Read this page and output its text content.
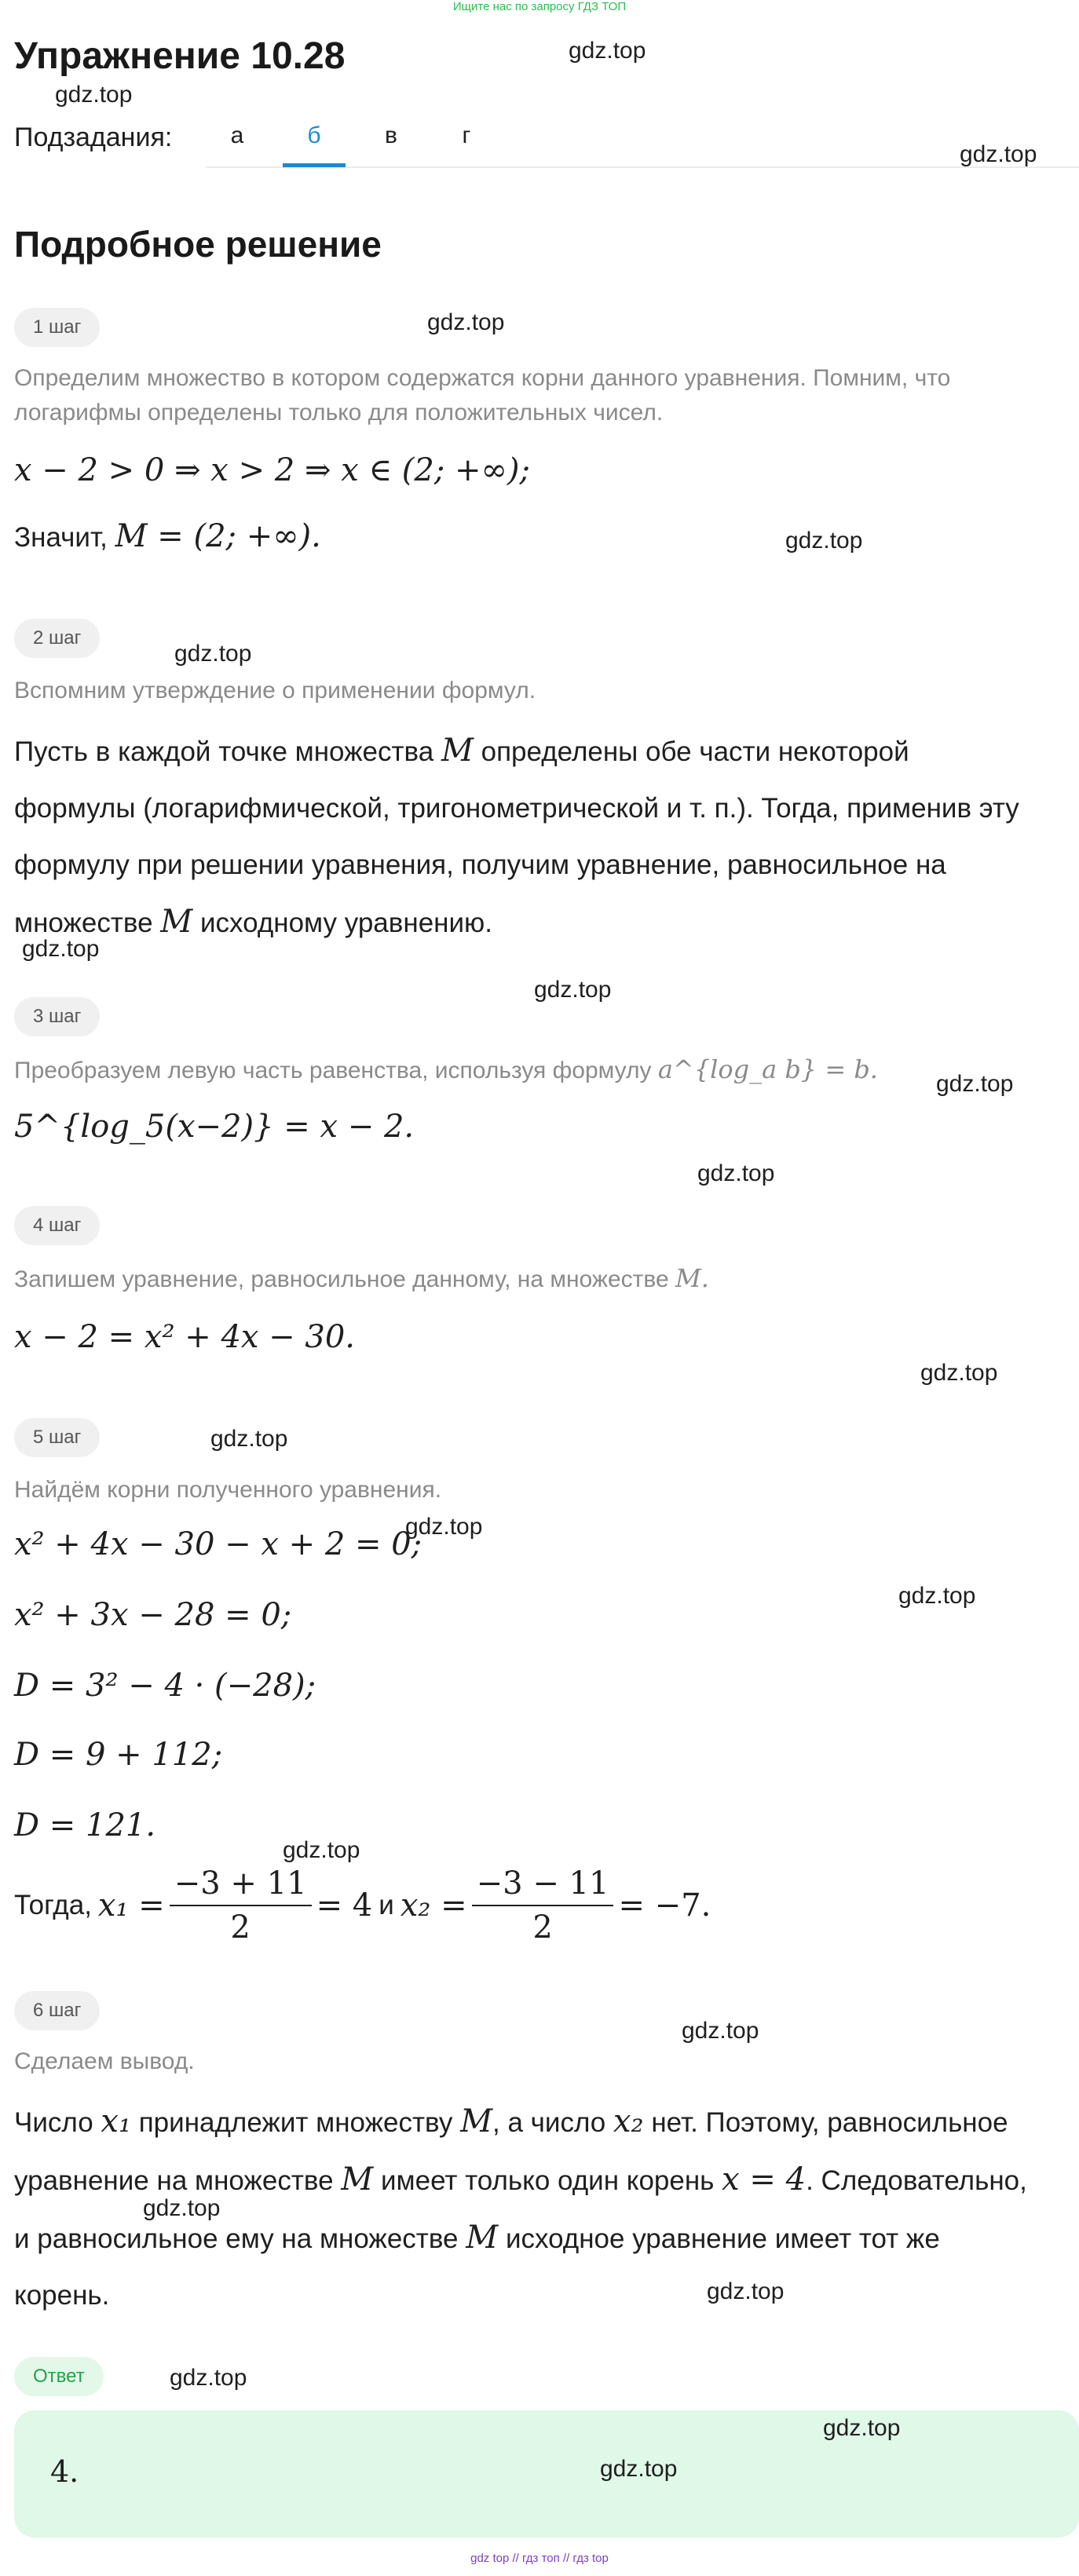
Ищите нас по запросу ГДЗ ТОП
Упражнение 10.28
Подзадания:	а	б	в	г
Подробное решение
1 шаг
Определим множество в котором содержатся корни данного уравнения. Помним, что
логарифмы определены только для положительных чисел.
x − 2 > 0 ⇒ x > 2 ⇒ x ∈ (2; +∞);
Значит, M = (2; +∞).
2 шаг
Вспомним утверждение о применении формул.
Пусть в каждой точке множества M определены обе части некоторой
формулы (логарифмической, тригонометрической и т. п.). Тогда, применив эту
формулу при решении уравнения, получим уравнение, равносильное на
множестве M исходному уравнению.
3 шаг
Преобразуем левую часть равенства, используя формулу a^{log_a b} = b.
5^{log_5(x−2)} = x − 2.
4 шаг
Запишем уравнение, равносильное данному, на множестве M.
x − 2 = x² + 4x − 30.
5 шаг
Найдём корни полученного уравнения.
x² + 4x − 30 − x + 2 = 0;
x² + 3x − 28 = 0;
D = 3² − 4 · (−28);
D = 9 + 112;
D = 121.
Тогда, $x_1 = \frac{-3 + 11}{2} = 4$ и $x_2 = \frac{-3 - 11}{2} = -7$.
6 шаг
Сделаем вывод.
Число x₁ принадлежит множеству M, а число x₂ нет. Поэтому, равносильное
уравнение на множестве M имеет только один корень x = 4. Следовательно,
и равносильное ему на множестве M исходное уравнение имеет тот же
корень.
Ответ
4.
gdz.top
gdz.top
gdz.top
gdz.top
gdz.top
gdz.top
gdz.top
gdz.top
gdz.top
gdz.top
gdz.top
gdz.top
gdz.top
gdz.top
gdz.top
gdz.top
gdz.top
gdz.top
gdz.top
gdz.top
gdz.top
gdz top // гдз топ // гдз top
